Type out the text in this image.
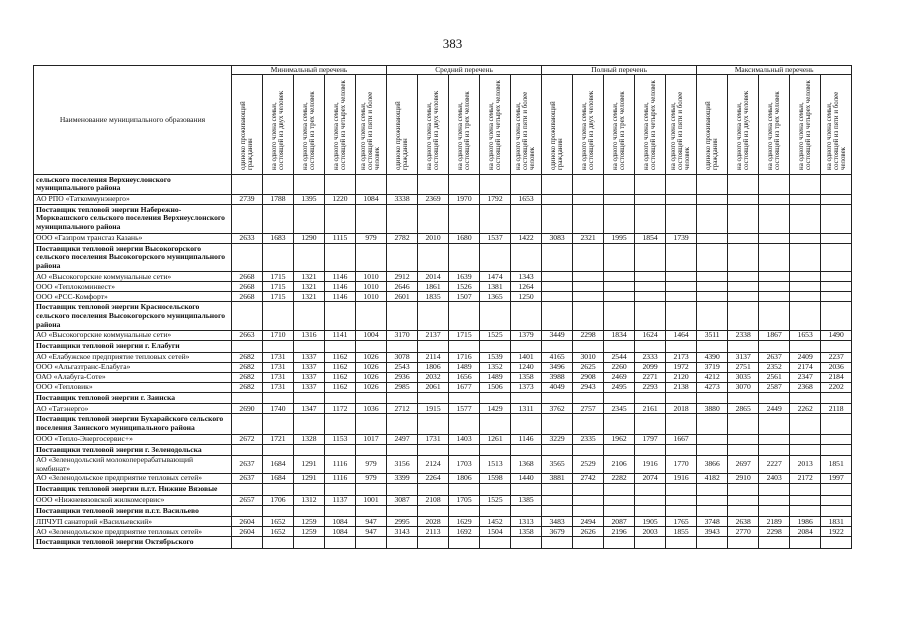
383
Наименование муниципального образования	Минимальный перечень					Средний перечень					Полный перечень					Максимальный перечень				
	одиноко проживающий гражданин	на одного члена семьи, состоящей из двух человек	на одного члена семьи, состоящей из трех человек	на одного члена семьи, состоящей из четырех человек	на одного члена семьи, состоящей из пяти и более человек	одиноко проживающий гражданин	на одного члена семьи, состоящей из двух человек	на одного члена семьи, состоящей из трех человек	на одного члена семьи, состоящей из четырех человек	на одного члена семьи, состоящей из пяти и более человек	одиноко проживающий гражданин	на одного члена семьи, состоящей из двух человек	на одного члена семьи, состоящей из трех человек	на одного члена семьи, состоящей из четырех человек	на одного члена семьи, состоящей из пяти и более человек	одиноко проживающий гражданин	на одного члена семьи, состоящей из двух человек	на одного члена семьи, состоящей из трех человек	на одного члена семьи, состоящей из четырех человек	на одного члена семьи, состоящей из пяти и более человек
сельского поселения Верхнеуслонского муниципального района																				
АО РПО «Таткоммунэнерго»	2739	1788	1395	1220	1084	3338	2369	1970	1792	1653										
Поставщик тепловой энергии Набережно-Морквашского сельского поселения Верхнеуслонского муниципального района																				
ООО «Газпром трансгаз Казань»	2633	1683	1290	1115	979	2782	2010	1680	1537	1422	3083	2321	1995	1854	1739					
Поставщики тепловой энергии Высокогорского сельского поселения Высокогорского муниципального района																				
АО «Высокогорские коммунальные сети»	2668	1715	1321	1146	1010	2912	2014	1639	1474	1343										
ООО «Теплокоминвест»	2668	1715	1321	1146	1010	2646	1861	1526	1381	1264										
ООО «РСС-Комфорт»	2668	1715	1321	1146	1010	2601	1835	1507	1365	1250										
Поставщик тепловой энергии Красносельского сельского поселения Высокогорского муниципального района																				
АО «Высокогорские коммунальные сети»	2663	1710	1316	1141	1004	3170	2137	1715	1525	1379	3449	2298	1834	1624	1464	3511	2338	1867	1653	1490
Поставщики тепловой энергии г. Елабуги																				
АО «Елабужское предприятие тепловых сетей»	2682	1731	1337	1162	1026	3078	2114	1716	1539	1401	4165	3010	2544	2333	2173	4390	3137	2637	2409	2237
ООО «Альгазтранс-Елабуга»	2682	1731	1337	1162	1026	2543	1806	1489	1352	1240	3496	2625	2260	2099	1972	3719	2751	2352	2174	2036
ОАО «Алабуга-Соте»	2682	1731	1337	1162	1026	2936	2032	1656	1489	1358	3988	2908	2469	2271	2120	4212	3035	2561	2347	2184
ООО «Тепловик»	2682	1731	1337	1162	1026	2985	2061	1677	1506	1373	4049	2943	2495	2293	2138	4273	3070	2587	2368	2202
Поставщик тепловой энергии г. Заинска																				
АО «Татэнерго»	2690	1740	1347	1172	1036	2712	1915	1577	1429	1311	3762	2757	2345	2161	2018	3880	2865	2449	2262	2118
Поставщик тепловой энергии Бухарайского сельского поселения Заинского муниципального района																				
ООО «Тепло-Энергосервис+»	2672	1721	1328	1153	1017	2497	1731	1403	1261	1146	3229	2335	1962	1797	1667					
Поставщики тепловой энергии г. Зеленодольска																				
АО «Зеленодольский молокоперерабатывающий комбинат»	2637	1684	1291	1116	979	3156	2124	1703	1513	1368	3565	2529	2106	1916	1770	3866	2697	2227	2013	1851
АО «Зеленодольское предприятие тепловых сетей»	2637	1684	1291	1116	979	3399	2264	1806	1598	1440	3881	2742	2282	2074	1916	4182	2910	2403	2172	1997
Поставщик тепловой энергии п.г.т. Нижние Вязовые																				
ООО «Нижневязовской жилкомсервис»	2657	1706	1312	1137	1001	3087	2108	1705	1525	1385										
Поставщики тепловой энергии п.г.т. Васильево																				
ЛПЧУП санаторий «Васильевский»	2604	1652	1259	1084	947	2995	2028	1629	1452	1313	3483	2494	2087	1905	1765	3748	2638	2189	1986	1831
АО «Зеленодольское предприятие тепловых сетей»	2604	1652	1259	1084	947	3143	2113	1692	1504	1358	3679	2626	2196	2003	1855	3943	2770	2298	2084	1922
Поставщики тепловой энергии Октябрьского																				
